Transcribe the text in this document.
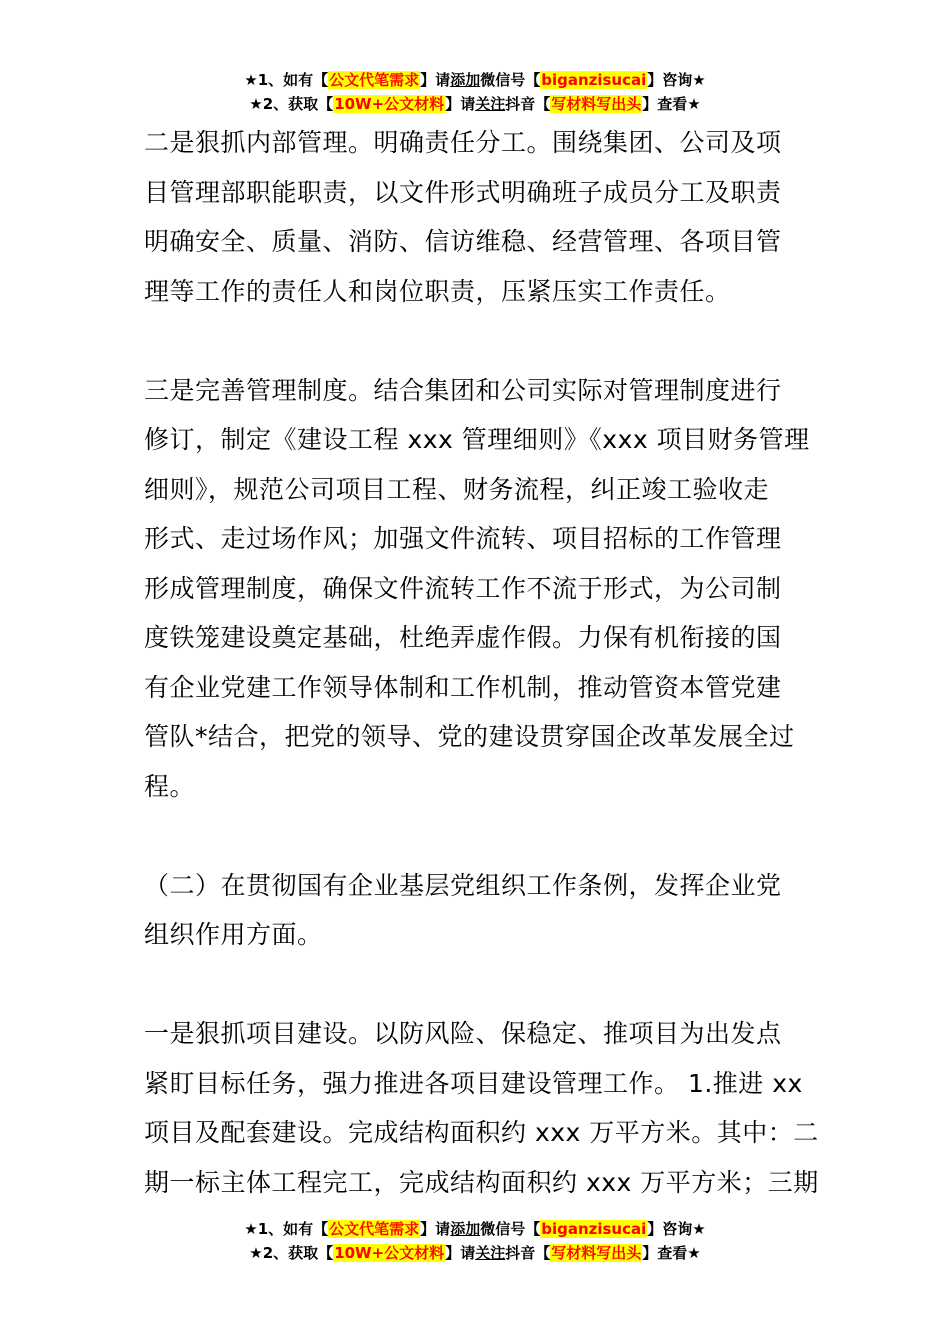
★1、如有【公文代笔需求】请添加微信号【biganzisucai】咨询★
★2、获取【10W+公文材料】请关注抖音【写材料写出头】查看★
二是狠抓内部管理。明确责任分工。围绕集团、公司及项
目管理部职能职责，以文件形式明确班子成员分工及职责
明确安全、质量、消防、信访维稳、经营管理、各项目管
理等工作的责任人和岗位职责，压紧压实工作责任。
三是完善管理制度。结合集团和公司实际对管理制度进行
修订，制定《建设工程 xxx 管理细则》《xxx 项目财务管理
细则》，规范公司项目工程、财务流程，纠正竣工验收走
形式、走过场作风；加强文件流转、项目招标的工作管理
形成管理制度，确保文件流转工作不流于形式，为公司制
度铁笼建设奠定基础，杜绝弄虚作假。力保有机衔接的国
有企业党建工作领导体制和工作机制，推动管资本管党建
管队*结合，把党的领导、党的建设贯穿国企改革发展全过
程。
（二）在贯彻国有企业基层党组织工作条例，发挥企业党
组织作用方面。
一是狠抓项目建设。以防风险、保稳定、推项目为出发点
紧盯目标任务，强力推进各项目建设管理工作。 1.推进 xx
项目及配套建设。完成结构面积约 xxx 万平方米。其中：二
期一标主体工程完工，完成结构面积约 xxx 万平方米；三期
★1、如有【公文代笔需求】请添加微信号【biganzisucai】咨询★
★2、获取【10W+公文材料】请关注抖音【写材料写出头】查看★
